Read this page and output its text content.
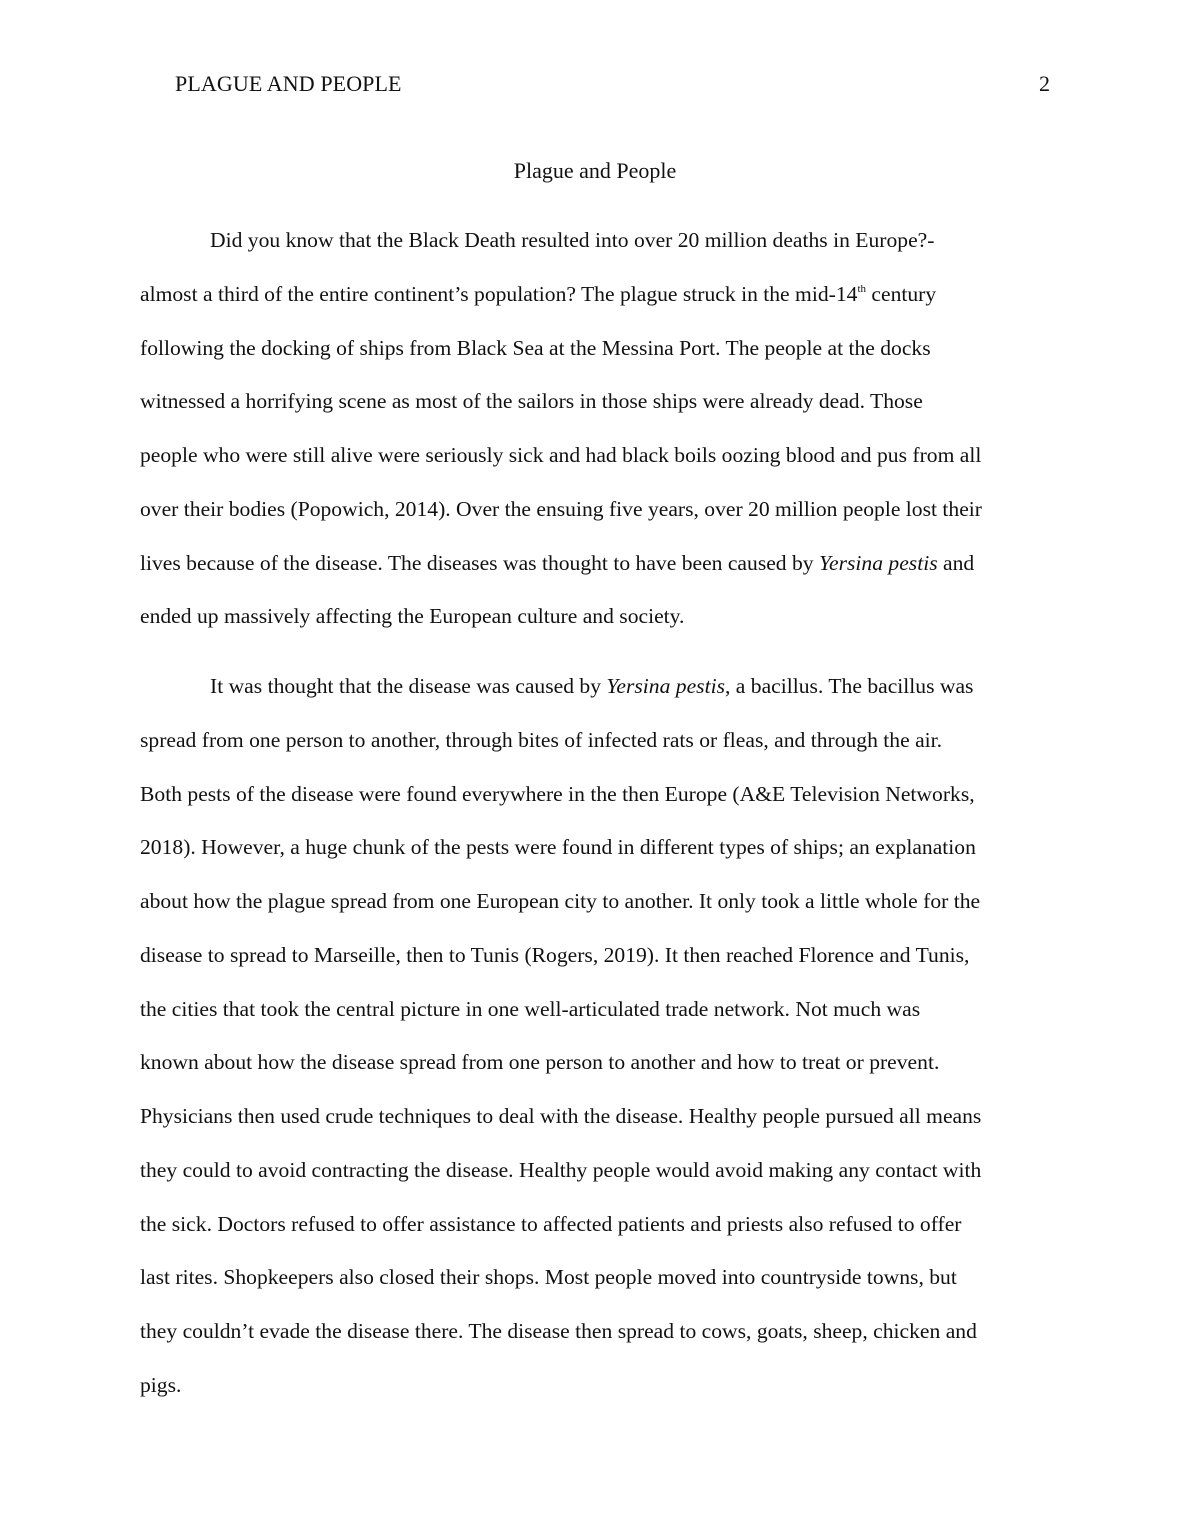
PLAGUE AND PEOPLE	2
Plague and People
Did you know that the Black Death resulted into over 20 million deaths in Europe?-
almost a third of the entire continent’s population? The plague struck in the mid-14th century
following the docking of ships from Black Sea at the Messina Port. The people at the docks
witnessed a horrifying scene as most of the sailors in those ships were already dead. Those
people who were still alive were seriously sick and had black boils oozing blood and pus from all
over their bodies (Popowich, 2014). Over the ensuing five years, over 20 million people lost their
lives because of the disease. The diseases was thought to have been caused by Yersina pestis and
ended up massively affecting the European culture and society.
It was thought that the disease was caused by Yersina pestis, a bacillus. The bacillus was
spread from one person to another, through bites of infected rats or fleas, and through the air.
Both pests of the disease were found everywhere in the then Europe (A&E Television Networks,
2018). However, a huge chunk of the pests were found in different types of ships; an explanation
about how the plague spread from one European city to another. It only took a little whole for the
disease to spread to Marseille, then to Tunis (Rogers, 2019). It then reached Florence and Tunis,
the cities that took the central picture in one well-articulated trade network. Not much was
known about how the disease spread from one person to another and how to treat or prevent.
Physicians then used crude techniques to deal with the disease. Healthy people pursued all means
they could to avoid contracting the disease. Healthy people would avoid making any contact with
the sick. Doctors refused to offer assistance to affected patients and priests also refused to offer
last rites. Shopkeepers also closed their shops. Most people moved into countryside towns, but
they couldn’t evade the disease there. The disease then spread to cows, goats, sheep, chicken and
pigs.
